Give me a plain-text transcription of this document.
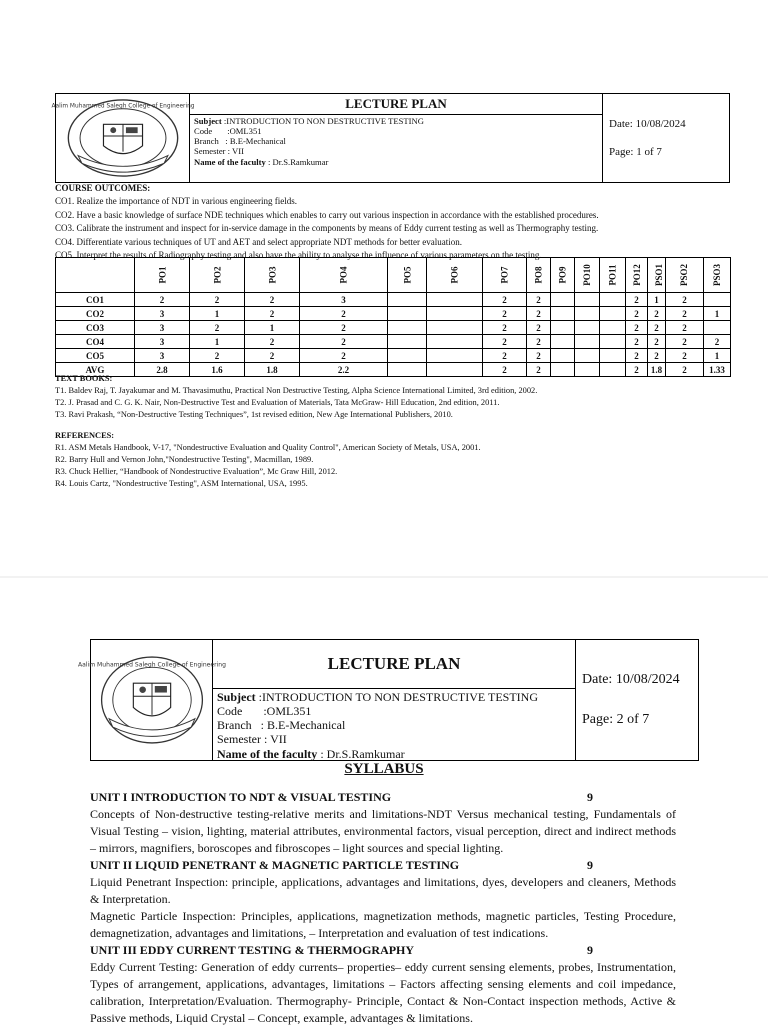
Aalim Muhammed Salegh College of Engineering	LECTURE PLAN
Subject :INTRODUCTION TO NON DESTRUCTIVE TESTING
Code :OML351
Branch : B.E-Mechanical
Semester : VII
Name of the faculty : Dr.S.Ramkumar
Date: 10/08/2024
Page: 1 of 7
COURSE OUTCOMES:
CO1. Realize the importance of NDT in various engineering fields.
CO2. Have a basic knowledge of surface NDE techniques which enables to carry out various inspection in accordance with the established procedures.
CO3. Calibrate the instrument and inspect for in-service damage in the components by means of Eddy current testing as well as Thermography testing.
CO4. Differentiate various techniques of UT and AET and select appropriate NDT methods for better evaluation.
CO5. Interpret the results of Radiography testing and also have the ability to analyse the influence of various parameters on the testing.
	PO1	PO2	PO3	PO4	PO5	PO6	PO7	PO8	PO9	PO10	PO11	PO12	PSO1	PSO2	PSO3
CO1	2	2	2	3			2	2				2	1	2	
CO2	3	1	2	2			2	2				2	2	2	1
CO3	3	2	1	2			2	2				2	2	2	
CO4	3	1	2	2			2	2				2	2	2	2
CO5	3	2	2	2			2	2				2	2	2	1
AVG	2.8	1.6	1.8	2.2			2	2				2	1.8	2	1.33
TEXT BOOKS:
T1. Baldev Raj, T. Jayakumar and M. Thavasimuthu, Practical Non Destructive Testing, Alpha Science International Limited, 3rd edition, 2002.
T2. J. Prasad and C. G. K. Nair, Non-Destructive Test and Evaluation of Materials, Tata McGraw- Hill Education, 2nd edition, 2011.
T3. Ravi Prakash, “Non-Destructive Testing Techniques”, 1st revised edition, New Age International Publishers, 2010.
REFERENCES:
R1. ASM Metals Handbook, V-17, "Nondestructive Evaluation and Quality Control", American Society of Metals, USA, 2001.
R2. Barry Hull and Vernon John,"Nondestructive Testing", Macmillan, 1989.
R3. Chuck Hellier, “Handbook of Nondestructive Evaluation”, Mc Graw Hill, 2012.
R4. Louis Cartz, "Nondestructive Testing", ASM International, USA, 1995.
Aalim Muhammed Salegh College of Engineering	LECTURE PLAN
Subject :INTRODUCTION TO NON DESTRUCTIVE TESTING
Code :OML351
Branch : B.E-Mechanical
Semester : VII
Name of the faculty : Dr.S.Ramkumar
Date: 10/08/2024
Page: 2 of 7
SYLLABUS
UNIT I INTRODUCTION TO NDT & VISUAL TESTING	9

Concepts of Non-destructive testing-relative merits and limitations-NDT Versus mechanical testing, Fundamentals of Visual Testing – vision, lighting, material attributes, environmental factors, visual perception, direct and indirect methods – mirrors, magnifiers, boroscopes and fibroscopes – light sources and special lighting.

UNIT II LIQUID PENETRANT & MAGNETIC PARTICLE TESTING	9

Liquid Penetrant Inspection: principle, applications, advantages and limitations, dyes, developers and cleaners, Methods & Interpretation.

Magnetic Particle Inspection: Principles, applications, magnetization methods, magnetic particles, Testing Procedure, demagnetization, advantages and limitations, – Interpretation and evaluation of test indications.

UNIT III EDDY CURRENT TESTING & THERMOGRAPHY	9

Eddy Current Testing: Generation of eddy currents– properties– eddy current sensing elements, probes, Instrumentation, Types of arrangement, applications, advantages, limitations – Factors affecting sensing elements and coil impedance, calibration, Interpretation/Evaluation. Thermography- Principle, Contact & Non-Contact inspection methods, Active & Passive methods, Liquid Crystal – Concept, example, advantages & limitations.
